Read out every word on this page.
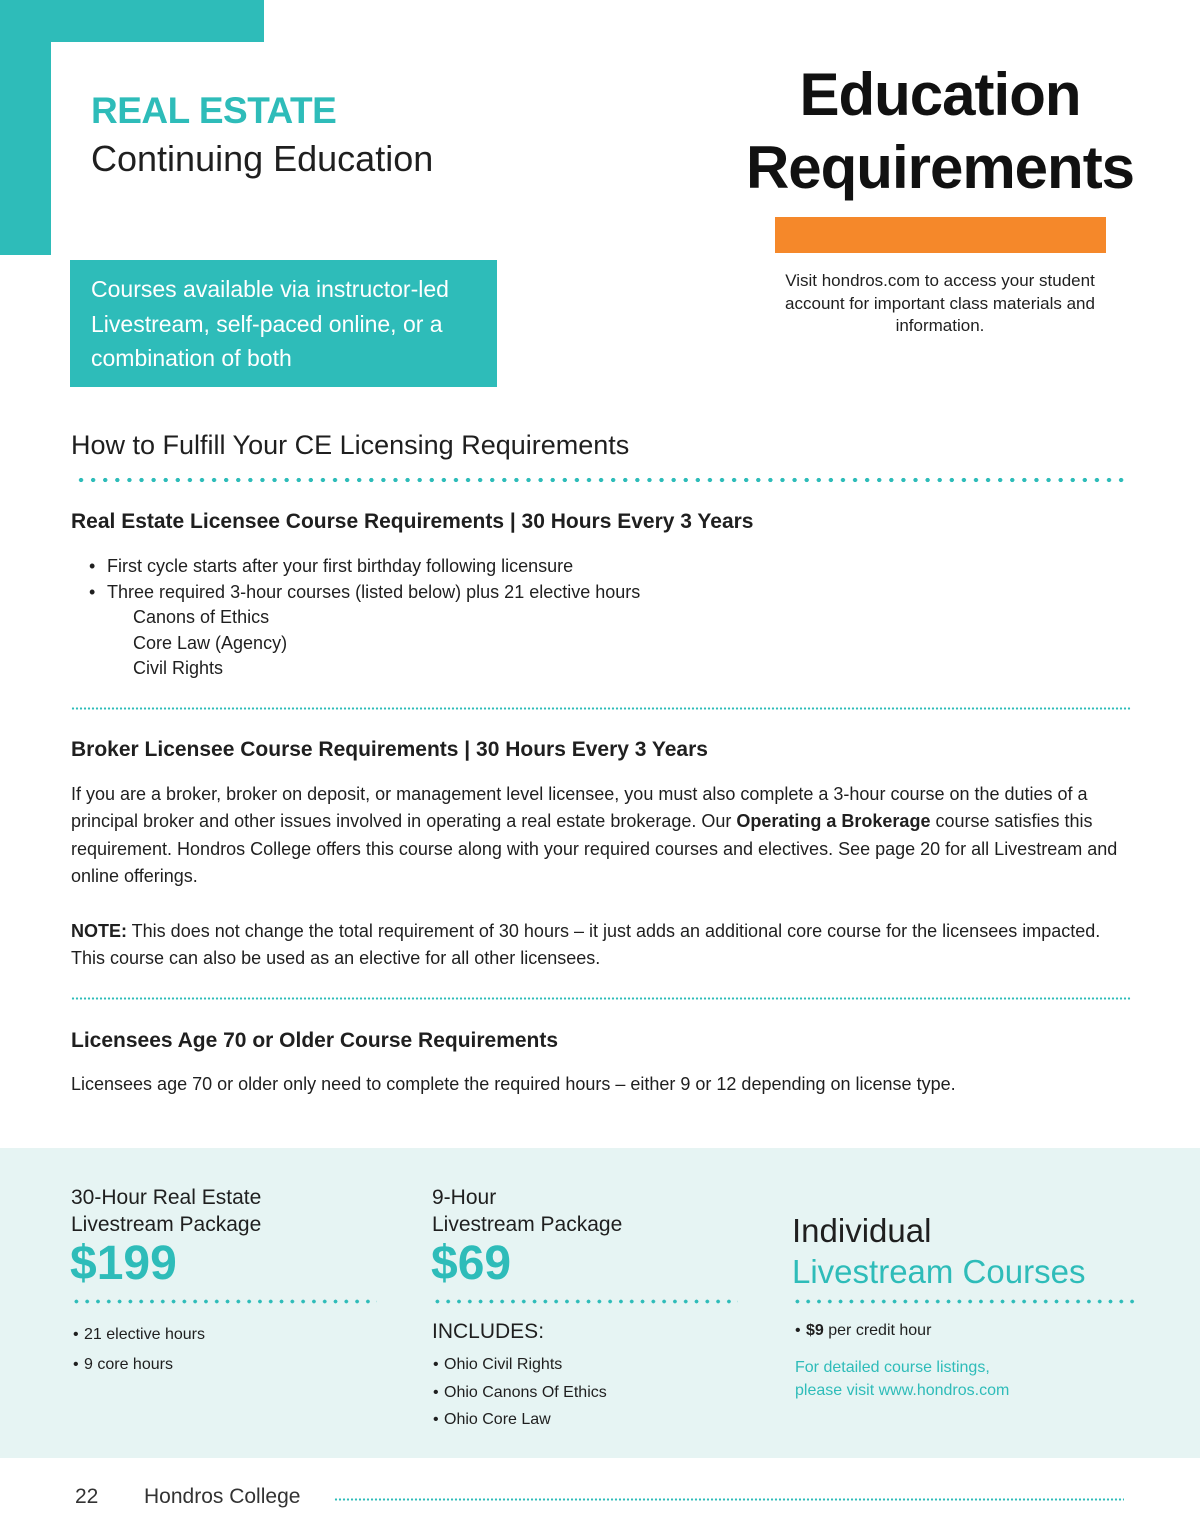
REAL ESTATE
Continuing Education
Education
Requirements
Visit hondros.com to access your student account for important class materials and information.
Courses available via instructor-led Livestream, self-paced online, or a combination of both
How to Fulfill Your CE Licensing Requirements
Real Estate Licensee Course Requirements | 30 Hours Every 3 Years
• First cycle starts after your first birthday following licensure
• Three required 3-hour courses (listed below) plus 21 elective hours
Canons of Ethics
Core Law (Agency)
Civil Rights
Broker Licensee Course Requirements | 30 Hours Every 3 Years

If you are a broker, broker on deposit, or management level licensee, you must also complete a 3-hour course on the duties of a principal broker and other issues involved in operating a real estate brokerage. Our Operating a Brokerage course satisfies this requirement. Hondros College offers this course along with your required courses and electives. See page 20 for all Livestream and online offerings.

NOTE: This does not change the total requirement of 30 hours – it just adds an additional core course for the licensees impacted. This course can also be used as an elective for all other licensees.

Licensees Age 70 or Older Course Requirements

Licensees age 70 or older only need to complete the required hours – either 9 or 12 depending on license type.

30-Hour Real Estate
Livestream Package
$199
• 21 elective hours
• 9 core hours
9-Hour
Livestream Package
$69
INCLUDES:
• Ohio Civil Rights
• Ohio Canons Of Ethics
• Ohio Core Law
Individual
Livestream Courses
• $9 per credit hour
For detailed course listings,
please visit www.hondros.com
22 Hondros College
